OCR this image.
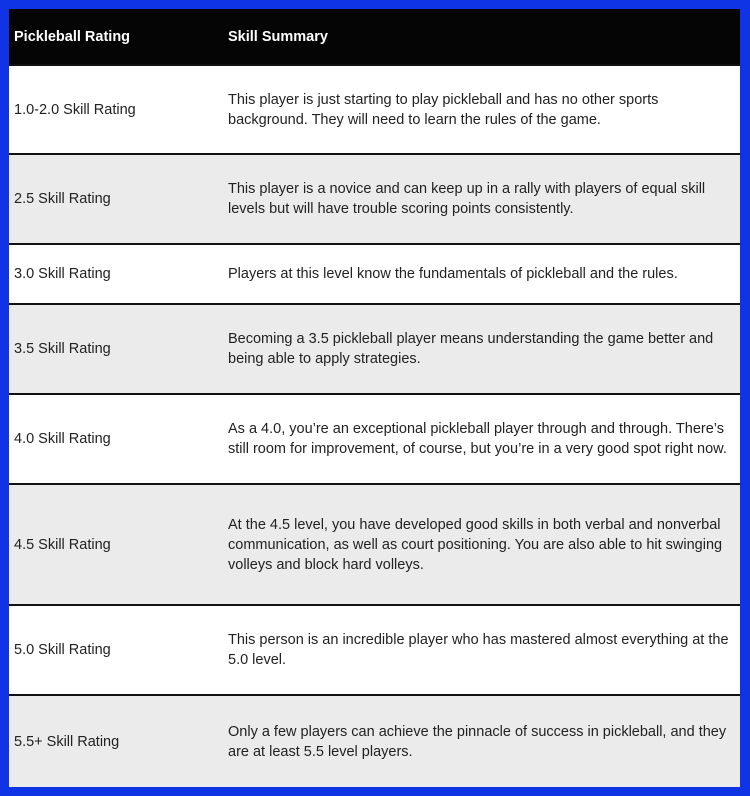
Pickleball Rating	Skill Summary
1.0-2.0 Skill Rating
This player is just starting to play pickleball and has no other sports background. They will need to learn the rules of the game.
2.5 Skill Rating
This player is a novice and can keep up in a rally with players of equal skill levels but will have trouble scoring points consistently.
3.0 Skill Rating	Players at this level know the fundamentals of pickleball and the rules.
3.5 Skill Rating
Becoming a 3.5 pickleball player means understanding the game better and being able to apply strategies.
4.0 Skill Rating
As a 4.0, you’re an exceptional pickleball player through and through. There’s still room for improvement, of course, but you’re in a very good spot right now.
4.5 Skill Rating
At the 4.5 level, you have developed good skills in both verbal and nonverbal communication, as well as court positioning. You are also able to hit swinging volleys and block hard volleys.
5.0 Skill Rating
This person is an incredible player who has mastered almost everything at the 5.0 level.
5.5+ Skill Rating
Only a few players can achieve the pinnacle of success in pickleball, and they are at least 5.5 level players.
